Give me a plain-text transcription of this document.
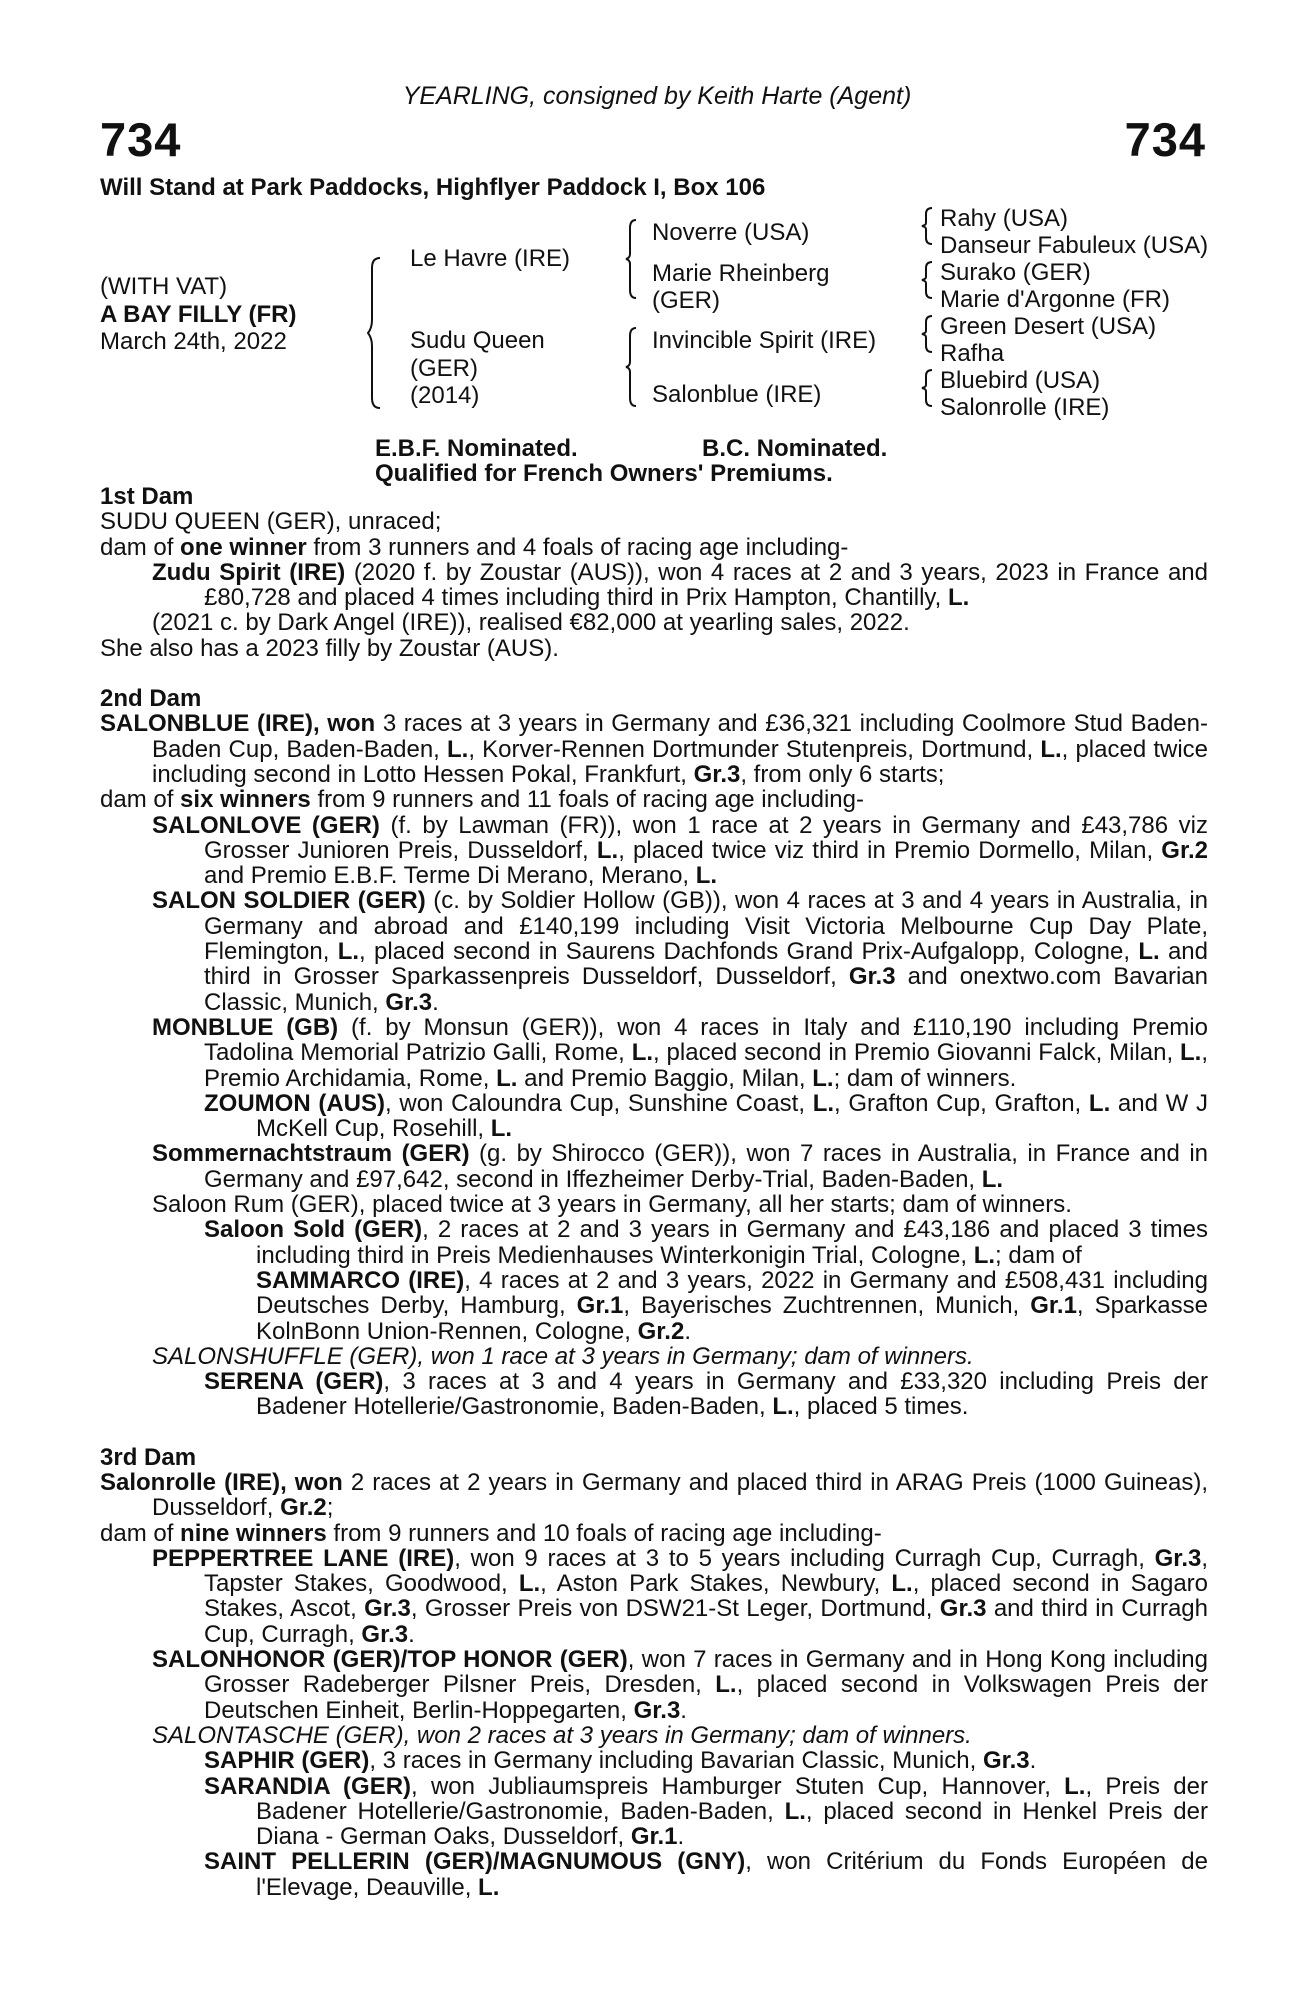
YEARLING, consigned by Keith Harte (Agent)
734	734
Will Stand at Park Paddocks, Highflyer Paddock I, Box 106
(WITH VAT)
A BAY FILLY (FR)
March 24th, 2022
Le Havre (IRE)
Sudu Queen
(GER)
(2014)
Noverre (USA)
Marie Rheinberg
(GER)
Invincible Spirit (IRE)
Salonblue (IRE)
Rahy (USA)
Danseur Fabuleux (USA)
Surako (GER)
Marie d'Argonne (FR)
Green Desert (USA)
Rafha
Bluebird (USA)
Salonrolle (IRE)
E.B.F. Nominated.	B.C. Nominated.
Qualified for French Owners' Premiums.

1st Dam

SUDU QUEEN (GER), unraced;

dam of one winner from 3 runners and 4 foals of racing age including-

Zudu Spirit (IRE) (2020 f. by Zoustar (AUS)), won 4 races at 2 and 3 years, 2023 in France and £80,728 and placed 4 times including third in Prix Hampton, Chantilly, L.

(2021 c. by Dark Angel (IRE)), realised €82,000 at yearling sales, 2022.

She also has a 2023 filly by Zoustar (AUS).

2nd Dam

SALONBLUE (IRE), won 3 races at 3 years in Germany and £36,321 including Coolmore Stud Baden-Baden Cup, Baden-Baden, L., Korver-Rennen Dortmunder Stutenpreis, Dortmund, L., placed twice including second in Lotto Hessen Pokal, Frankfurt, Gr.3, from only 6 starts;

dam of six winners from 9 runners and 11 foals of racing age including-

SALONLOVE (GER) (f. by Lawman (FR)), won 1 race at 2 years in Germany and £43,786 viz Grosser Junioren Preis, Dusseldorf, L., placed twice viz third in Premio Dormello, Milan, Gr.2 and Premio E.B.F. Terme Di Merano, Merano, L.

SALON SOLDIER (GER) (c. by Soldier Hollow (GB)), won 4 races at 3 and 4 years in Australia, in Germany and abroad and £140,199 including Visit Victoria Melbourne Cup Day Plate, Flemington, L., placed second in Saurens Dachfonds Grand Prix-Aufgalopp, Cologne, L. and third in Grosser Sparkassenpreis Dusseldorf, Dusseldorf, Gr.3 and onextwo.com Bavarian Classic, Munich, Gr.3.

MONBLUE (GB) (f. by Monsun (GER)), won 4 races in Italy and £110,190 including Premio Tadolina Memorial Patrizio Galli, Rome, L., placed second in Premio Giovanni Falck, Milan, L., Premio Archidamia, Rome, L. and Premio Baggio, Milan, L.; dam of winners.

ZOUMON (AUS), won Caloundra Cup, Sunshine Coast, L., Grafton Cup, Grafton, L. and W J McKell Cup, Rosehill, L.

Sommernachtstraum (GER) (g. by Shirocco (GER)), won 7 races in Australia, in France and in Germany and £97,642, second in Iffezheimer Derby-Trial, Baden-Baden, L.

Saloon Rum (GER), placed twice at 3 years in Germany, all her starts; dam of winners.

Saloon Sold (GER), 2 races at 2 and 3 years in Germany and £43,186 and placed 3 times including third in Preis Medienhauses Winterkonigin Trial, Cologne, L.; dam of

SAMMARCO (IRE), 4 races at 2 and 3 years, 2022 in Germany and £508,431 including Deutsches Derby, Hamburg, Gr.1, Bayerisches Zuchtrennen, Munich, Gr.1, Sparkasse KolnBonn Union-Rennen, Cologne, Gr.2.

SALONSHUFFLE (GER), won 1 race at 3 years in Germany; dam of winners.

SERENA (GER), 3 races at 3 and 4 years in Germany and £33,320 including Preis der Badener Hotellerie/Gastronomie, Baden-Baden, L., placed 5 times.

3rd Dam

Salonrolle (IRE), won 2 races at 2 years in Germany and placed third in ARAG Preis (1000 Guineas), Dusseldorf, Gr.2;

dam of nine winners from 9 runners and 10 foals of racing age including-

PEPPERTREE LANE (IRE), won 9 races at 3 to 5 years including Curragh Cup, Curragh, Gr.3, Tapster Stakes, Goodwood, L., Aston Park Stakes, Newbury, L., placed second in Sagaro Stakes, Ascot, Gr.3, Grosser Preis von DSW21-St Leger, Dortmund, Gr.3 and third in Curragh Cup, Curragh, Gr.3.

SALONHONOR (GER)/TOP HONOR (GER), won 7 races in Germany and in Hong Kong including Grosser Radeberger Pilsner Preis, Dresden, L., placed second in Volkswagen Preis der Deutschen Einheit, Berlin-Hoppegarten, Gr.3.

SALONTASCHE (GER), won 2 races at 3 years in Germany; dam of winners.

SAPHIR (GER), 3 races in Germany including Bavarian Classic, Munich, Gr.3.

SARANDIA (GER), won Jubliaumspreis Hamburger Stuten Cup, Hannover, L., Preis der Badener Hotellerie/Gastronomie, Baden-Baden, L., placed second in Henkel Preis der Diana - German Oaks, Dusseldorf, Gr.1.

SAINT PELLERIN (GER)/MAGNUMOUS (GNY), won Critérium du Fonds Européen de l'Elevage, Deauville, L.
